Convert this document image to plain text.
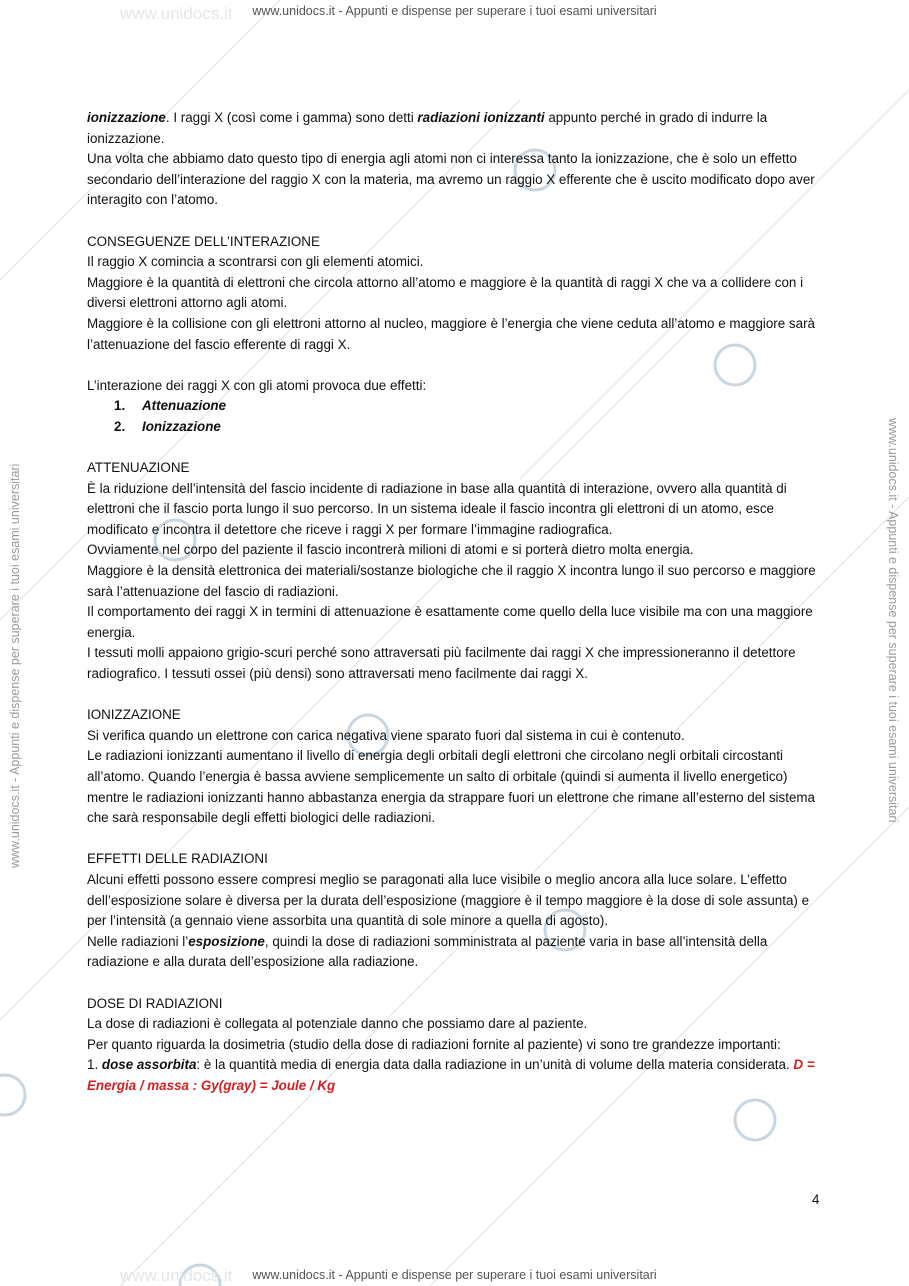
www.unidocs.it
www.unidocs.it
www.unidocs.it - Appunti e dispense per superare i tuoi esami universitari
www.unidocs.it - Appunti e dispense per superare i tuoi esami universitari
www.unidocs.it - Appunti e dispense per superare i tuoi esami universitari	www.unidocs.it - Appunti e dispense per superare i tuoi esami universitari

ionizzazione. I raggi X (così come i gamma) sono detti radiazioni ionizzanti appunto perché in grado di indurre la ionizzazione.

Una volta che abbiamo dato questo tipo di energia agli atomi non ci interessa tanto la ionizzazione, che è solo un effetto secondario dell’interazione del raggio X con la materia, ma avremo un raggio X efferente che è uscito modificato dopo aver interagito con l’atomo.

CONSEGUENZE DELL’INTERAZIONE

Il raggio X comincia a scontrarsi con gli elementi atomici.

Maggiore è la quantità di elettroni che circola attorno all’atomo e maggiore è la quantità di raggi X che va a collidere con i diversi elettroni attorno agli atomi.

Maggiore è la collisione con gli elettroni attorno al nucleo, maggiore è l’energia che viene ceduta all’atomo e maggiore sarà l’attenuazione del fascio efferente di raggi X.

L’interazione dei raggi X con gli atomi provoca due effetti:

1. Attenuazione
2. Ionizzazione

ATTENUAZIONE

È la riduzione dell’intensità del fascio incidente di radiazione in base alla quantità di interazione, ovvero alla quantità di elettroni che il fascio porta lungo il suo percorso. In un sistema ideale il fascio incontra gli elettroni di un atomo, esce modificato e incontra il detettore che riceve i raggi X per formare l’immagine radiografica.

Ovviamente nel corpo del paziente il fascio incontrerà milioni di atomi e si porterà dietro molta energia.

Maggiore è la densità elettronica dei materiali/sostanze biologiche che il raggio X incontra lungo il suo percorso e maggiore sarà l’attenuazione del fascio di radiazioni.

Il comportamento dei raggi X in termini di attenuazione è esattamente come quello della luce visibile ma con una maggiore energia.

I tessuti molli appaiono grigio-scuri perché sono attraversati più facilmente dai raggi X che impressioneranno il detettore radiografico. I tessuti ossei (più densi) sono attraversati meno facilmente dai raggi X.

IONIZZAZIONE

Si verifica quando un elettrone con carica negativa viene sparato fuori dal sistema in cui è contenuto.

Le radiazioni ionizzanti aumentano il livello di energia degli orbitali degli elettroni che circolano negli orbitali circostanti all’atomo. Quando l’energia è bassa avviene semplicemente un salto di orbitale (quindi si aumenta il livello energetico) mentre le radiazioni ionizzanti hanno abbastanza energia da strappare fuori un elettrone che rimane all’esterno del sistema che sarà responsabile degli effetti biologici delle radiazioni.

EFFETTI DELLE RADIAZIONI

Alcuni effetti possono essere compresi meglio se paragonati alla luce visibile o meglio ancora alla luce solare. L’effetto dell’esposizione solare è diversa per la durata dell’esposizione (maggiore è il tempo maggiore è la dose di sole assunta) e per l’intensità (a gennaio viene assorbita una quantità di sole minore a quella di agosto).

Nelle radiazioni l’esposizione, quindi la dose di radiazioni somministrata al paziente varia in base all’intensità della radiazione e alla durata dell’esposizione alla radiazione.

DOSE DI RADIAZIONI

La dose di radiazioni è collegata al potenziale danno che possiamo dare al paziente.

Per quanto riguarda la dosimetria (studio della dose di radiazioni fornite al paziente) vi sono tre grandezze importanti:

1. dose assorbita: è la quantità media di energia data dalla radiazione in un’unità di volume della materia considerata. D = Energia / massa : Gy(gray) = Joule / Kg

4
